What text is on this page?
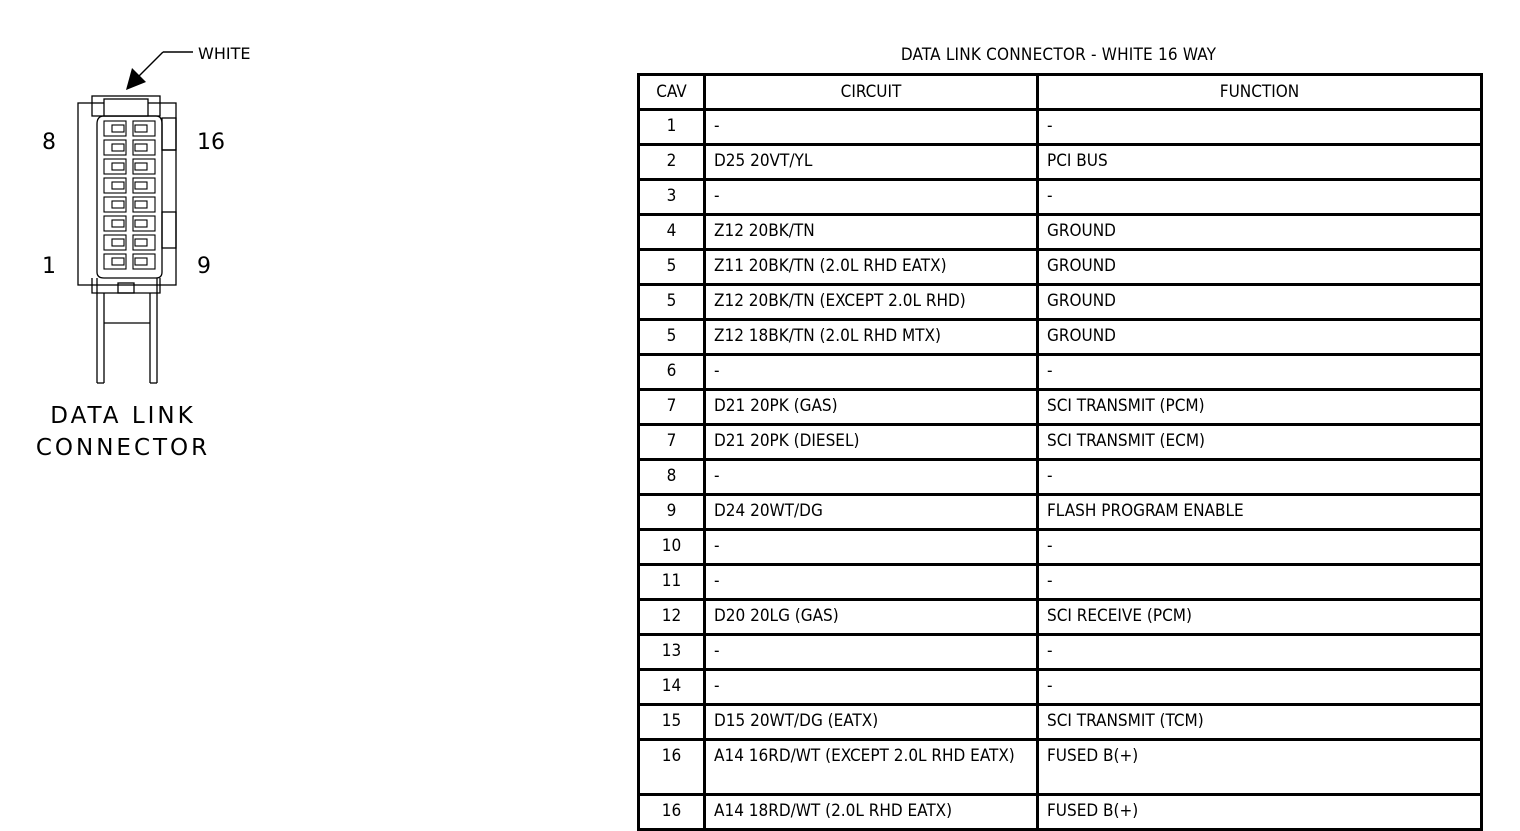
WHITE
8	16
1	9
DATA LINK
CONNECTOR
DATA LINK CONNECTOR - WHITE 16 WAY
CAV	CIRCUIT	FUNCTION
1	-	-
2	D25 20VT/YL	PCI BUS
3	-	-
4	Z12 20BK/TN	GROUND
5	Z11 20BK/TN (2.0L RHD EATX)	GROUND
5	Z12 20BK/TN (EXCEPT 2.0L RHD)	GROUND
5	Z12 18BK/TN (2.0L RHD MTX)	GROUND
6	-	-
7	D21 20PK (GAS)	SCI TRANSMIT (PCM)
7	D21 20PK (DIESEL)	SCI TRANSMIT (ECM)
8	-	-
9	D24 20WT/DG	FLASH PROGRAM ENABLE
10	-	-
11	-	-
12	D20 20LG (GAS)	SCI RECEIVE (PCM)
13	-	-
14	-	-
15	D15 20WT/DG (EATX)	SCI TRANSMIT (TCM)
16	A14 16RD/WT (EXCEPT 2.0L RHD EATX)	FUSED B(+)
16	A14 18RD/WT (2.0L RHD EATX)	FUSED B(+)
